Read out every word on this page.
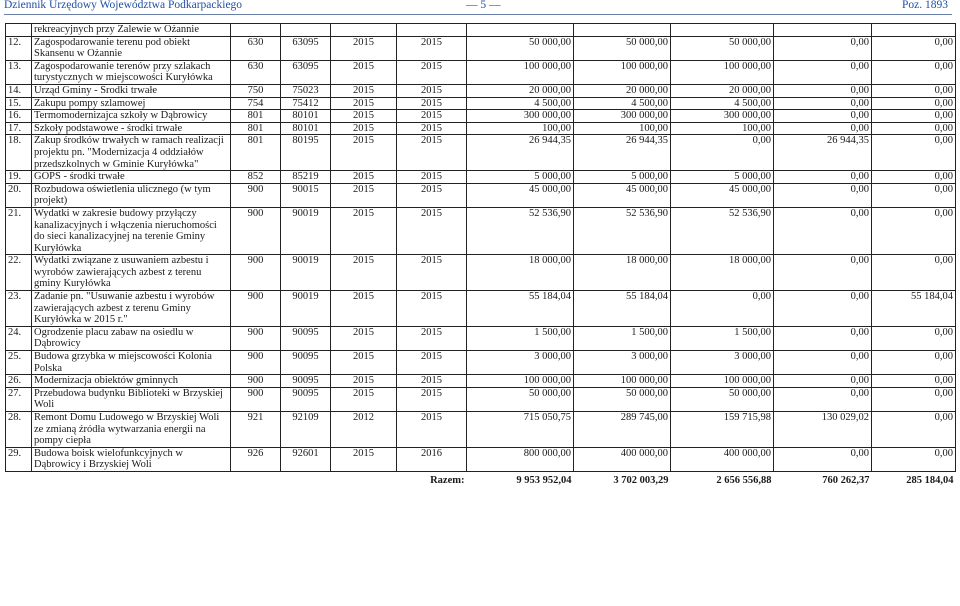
Dziennik Urzędowy Województwa Podkarpackiego	— 5 —	Poz. 1893
	rekreacyjnych przy Zalewie w Ożannie									
12.	Zagospodarowanie terenu pod obiekt Skansenu w Ożannie	630	63095	2015	2015	50 000,00	50 000,00	50 000,00	0,00	0,00
13.	Zagospodarowanie terenów przy szlakach turystycznych w miejscowości Kuryłówka	630	63095	2015	2015	100 000,00	100 000,00	100 000,00	0,00	0,00
14.	Urząd Gminy - Środki trwałe	750	75023	2015	2015	20 000,00	20 000,00	20 000,00	0,00	0,00
15.	Zakupu pompy szlamowej	754	75412	2015	2015	4 500,00	4 500,00	4 500,00	0,00	0,00
16.	Termomodernizajca szkoły w Dąbrowicy	801	80101	2015	2015	300 000,00	300 000,00	300 000,00	0,00	0,00
17.	Szkoły podstawowe - środki trwałe	801	80101	2015	2015	100,00	100,00	100,00	0,00	0,00
18.	Zakup środków trwałych w ramach realizacji projektu pn. "Modernizacja 4 oddziałów przedszkolnych w Gminie Kuryłówka"	801	80195	2015	2015	26 944,35	26 944,35	0,00	26 944,35	0,00
19.	GOPS - środki trwałe	852	85219	2015	2015	5 000,00	5 000,00	5 000,00	0,00	0,00
20.	Rozbudowa oświetlenia ulicznego (w tym projekt)	900	90015	2015	2015	45 000,00	45 000,00	45 000,00	0,00	0,00
21.	Wydatki w zakresie budowy przyłączy kanalizacyjnych i włączenia nieruchomości do sieci kanalizacyjnej na terenie Gminy Kuryłówka	900	90019	2015	2015	52 536,90	52 536,90	52 536,90	0,00	0,00
22.	Wydatki związane z usuwaniem azbestu i wyrobów zawierających azbest z terenu gminy Kuryłówka	900	90019	2015	2015	18 000,00	18 000,00	18 000,00	0,00	0,00
23.	Zadanie pn. "Usuwanie azbestu i wyrobów zawierających azbest z terenu Gminy Kuryłówka w 2015 r."	900	90019	2015	2015	55 184,04	55 184,04	0,00	0,00	55 184,04
24.	Ogrodzenie placu zabaw na osiedlu w Dąbrowicy	900	90095	2015	2015	1 500,00	1 500,00	1 500,00	0,00	0,00
25.	Budowa grzybka w miejscowości Kolonia Polska	900	90095	2015	2015	3 000,00	3 000,00	3 000,00	0,00	0,00
26.	Modernizacja obiektów gminnych	900	90095	2015	2015	100 000,00	100 000,00	100 000,00	0,00	0,00
27.	Przebudowa budynku Biblioteki w Brzyskiej Woli	900	90095	2015	2015	50 000,00	50 000,00	50 000,00	0,00	0,00
28.	Remont Domu Ludowego w Brzyskiej Woli ze zmianą źródła wytwarzania energii na pompy ciepła	921	92109	2012	2015	715 050,75	289 745,00	159 715,98	130 029,02	0,00
29.	Budowa boisk wielofunkcyjnych w Dąbrowicy i Brzyskiej Woli	926	92601	2015	2016	800 000,00	400 000,00	400 000,00	0,00	0,00
Razem:						9 953 952,04	3 702 003,29	2 656 556,88	760 262,37	285 184,04
